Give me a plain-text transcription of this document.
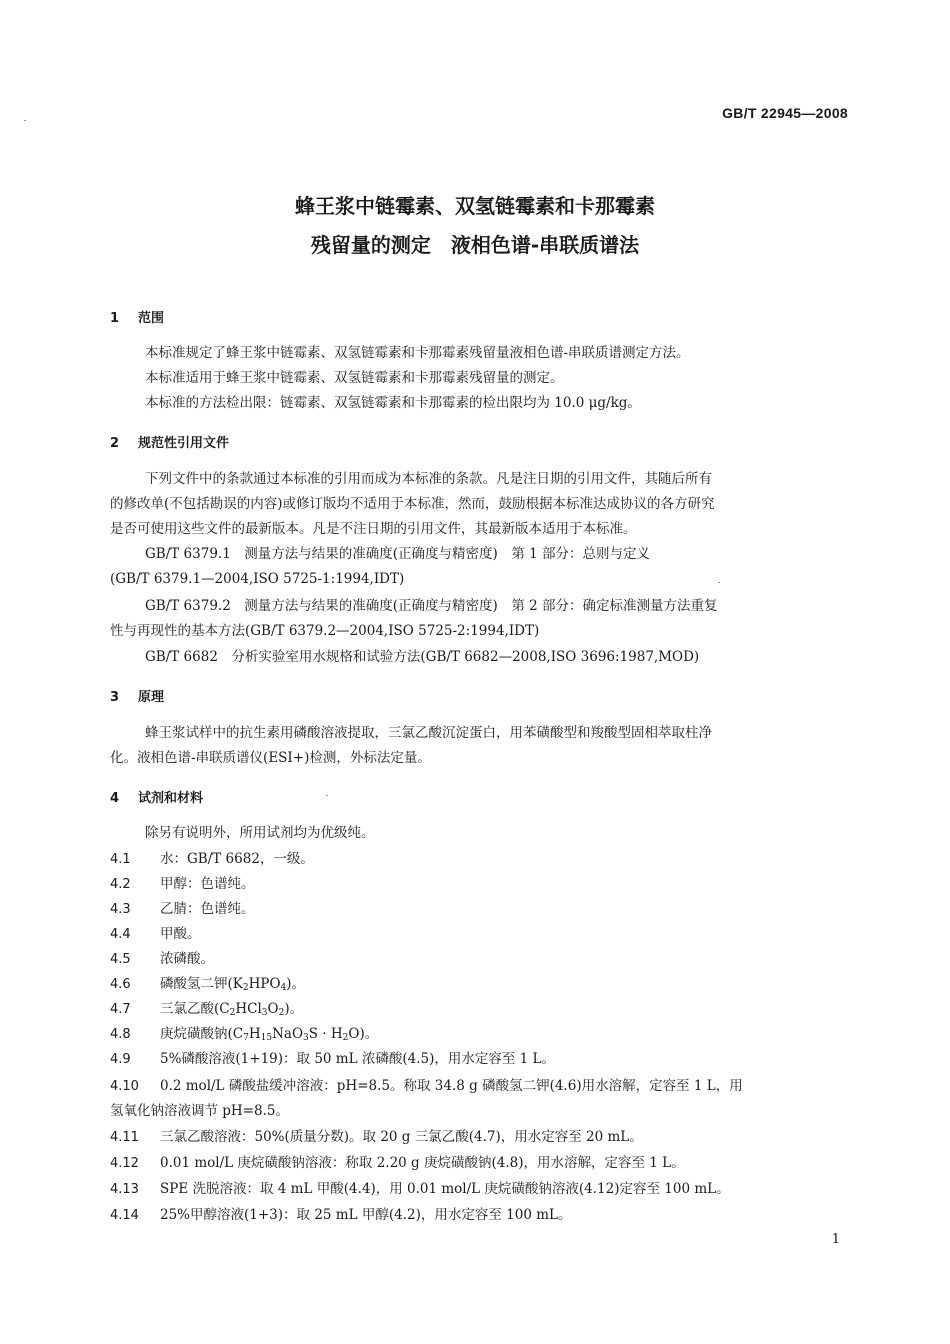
GB/T 22945—2008
蜂王浆中链霉素、双氢链霉素和卡那霉素
残留量的测定　液相色谱-串联质谱法
1 范围
本标准规定了蜂王浆中链霉素、双氢链霉素和卡那霉素残留量液相色谱-串联质谱测定方法。
本标准适用于蜂王浆中链霉素、双氢链霉素和卡那霉素残留量的测定。
本标准的方法检出限：链霉素、双氢链霉素和卡那霉素的检出限均为 10.0 μg/kg。
2 规范性引用文件
下列文件中的条款通过本标准的引用而成为本标准的条款。凡是注日期的引用文件，其随后所有
的修改单(不包括勘误的内容)或修订版均不适用于本标准，然而，鼓励根据本标准达成协议的各方研究
是否可使用这些文件的最新版本。凡是不注日期的引用文件，其最新版本适用于本标准。
GB/T 6379.1　测量方法与结果的准确度(正确度与精密度)　第 1 部分：总则与定义
(GB/T 6379.1—2004,ISO 5725-1:1994,IDT)
GB/T 6379.2　测量方法与结果的准确度(正确度与精密度)　第 2 部分：确定标准测量方法重复
性与再现性的基本方法(GB/T 6379.2—2004,ISO 5725-2:1994,IDT)
GB/T 6682　分析实验室用水规格和试验方法(GB/T 6682—2008,ISO 3696:1987,MOD)
3 原理
蜂王浆试样中的抗生素用磷酸溶液提取，三氯乙酸沉淀蛋白，用苯磺酸型和羧酸型固相萃取柱净
化。液相色谱-串联质谱仪(ESI+)检测，外标法定量。
4 试剂和材料
除另有说明外，所用试剂均为优级纯。
4.1 水：GB/T 6682，一级。
4.2 甲醇：色谱纯。
4.3 乙腈：色谱纯。
4.4 甲酸。
4.5 浓磷酸。
4.6 磷酸氢二钾$(K_2HPO_4)$。
4.7 三氯乙酸$(C_2HCl_3O_2)$。
4.8 庚烷磺酸钠$(C_7H_{15}NaO_3S \cdot H_2O)$。
4.9 5%磷酸溶液(1+19)：取 50 mL 浓磷酸(4.5)，用水定容至 1 L。
4.10 0.2 mol/L 磷酸盐缓冲溶液：pH=8.5。称取 34.8 g 磷酸氢二钾(4.6)用水溶解，定容至 1 L，用
氢氧化钠溶液调节 pH=8.5。
4.11 三氯乙酸溶液：50%(质量分数)。取 20 g 三氯乙酸(4.7)，用水定容至 20 mL。
4.12 0.01 mol/L 庚烷磺酸钠溶液：称取 2.20 g 庚烷磺酸钠(4.8)，用水溶解，定容至 1 L。
4.13 SPE 洗脱溶液：取 4 mL 甲酸(4.4)，用 0.01 mol/L 庚烷磺酸钠溶液(4.12)定容至 100 mL。
4.14 25%甲醇溶液(1+3)：取 25 mL 甲醇(4.2)，用水定容至 100 mL。
1
